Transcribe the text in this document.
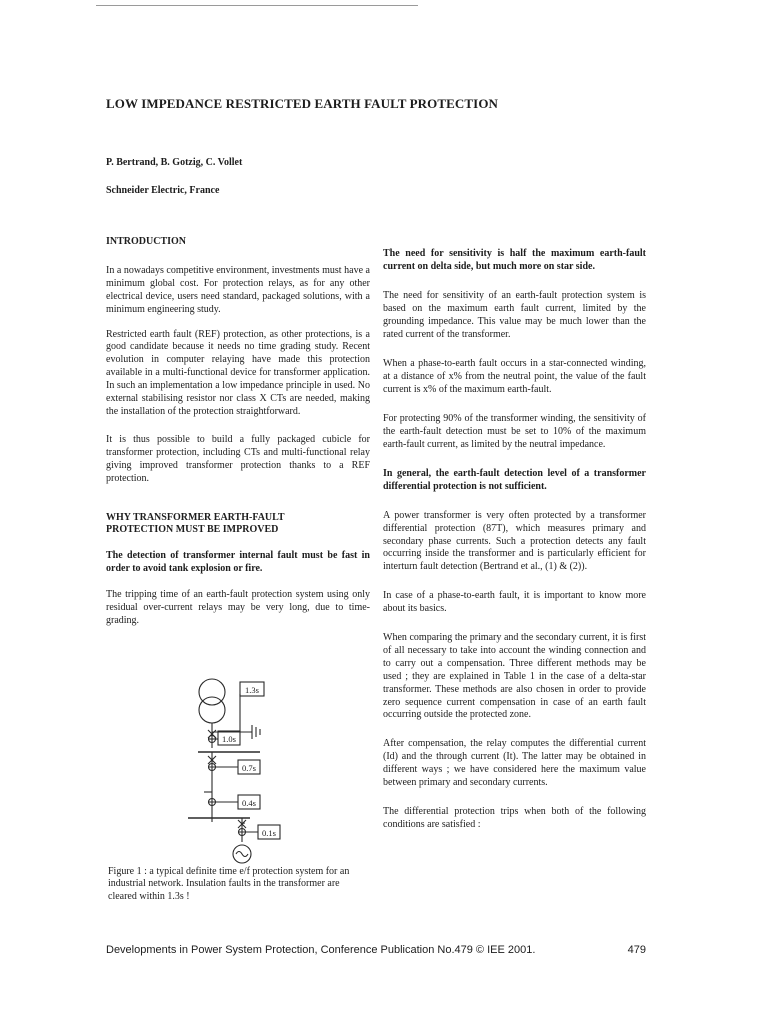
LOW IMPEDANCE RESTRICTED EARTH FAULT PROTECTION

P. Bertrand, B. Gotzig, C. Vollet

Schneider Electric, France

INTRODUCTION

In a nowadays competitive environment, investments must have a minimum global cost. For protection relays, as for any other electrical device, users need standard, packaged solutions, with a minimum engineering study.

Restricted earth fault (REF) protection, as other protections, is a good candidate because it needs no time grading study. Recent evolution in computer relaying have made this protection available in a multi-functional device for transformer application. In such an implementation a low impedance principle in used. No external stabilising resistor nor class X CTs are needed, making the installation of the protection straightforward.

It is thus possible to build a fully packaged cubicle for transformer protection, including CTs and multi-functional relay giving improved transformer protection thanks to a REF protection.

WHY TRANSFORMER EARTH-FAULT PROTECTION MUST BE IMPROVED

The detection of transformer internal fault must be fast in order to avoid tank explosion or fire.

The tripping time of an earth-fault protection system using only residual over-current relays may be very long, due to time-grading.

1.3s
1.0s
0.7s
0.4s
0.1s

Figure 1 : a typical definite time e/f protection system for an industrial network. Insulation faults in the transformer are cleared within 1.3s !

The need for sensitivity is half the maximum earth-fault current on delta side, but much more on star side.

The need for sensitivity of an earth-fault protection system is based on the maximum earth fault current, limited by the grounding impedance. This value may be much lower than the rated current of the transformer.

When a phase-to-earth fault occurs in a star-connected winding, at a distance of x% from the neutral point, the value of the fault current is x% of the maximum earth-fault.

For protecting 90% of the transformer winding, the sensitivity of the earth-fault detection must be set to 10% of the maximum earth-fault current, as limited by the neutral impedance.

In general, the earth-fault detection level of a transformer differential protection is not sufficient.

A power transformer is very often protected by a transformer differential protection (87T), which measures primary and secondary phase currents. Such a protection detects any fault occurring inside the transformer and is particularly efficient for interturn fault detection (Bertrand et al., (1) & (2)).

In case of a phase-to-earth fault, it is important to know more about its basics.

When comparing the primary and the secondary current, it is first of all necessary to take into account the winding connection and to carry out a compensation. Three different methods may be used ; they are explained in Table 1 in the case of a delta-star transformer. These methods are also chosen in order to provide zero sequence current compensation in case of an earth fault occurring outside the protected zone.

After compensation, the relay computes the differential current (Id) and the through current (It). The latter may be obtained in different ways ; we have considered here the maximum value between primary and secondary currents.

The differential protection trips when both of the following conditions are satisfied :

Developments in Power System Protection, Conference Publication No.479 © IEE 2001.	479
